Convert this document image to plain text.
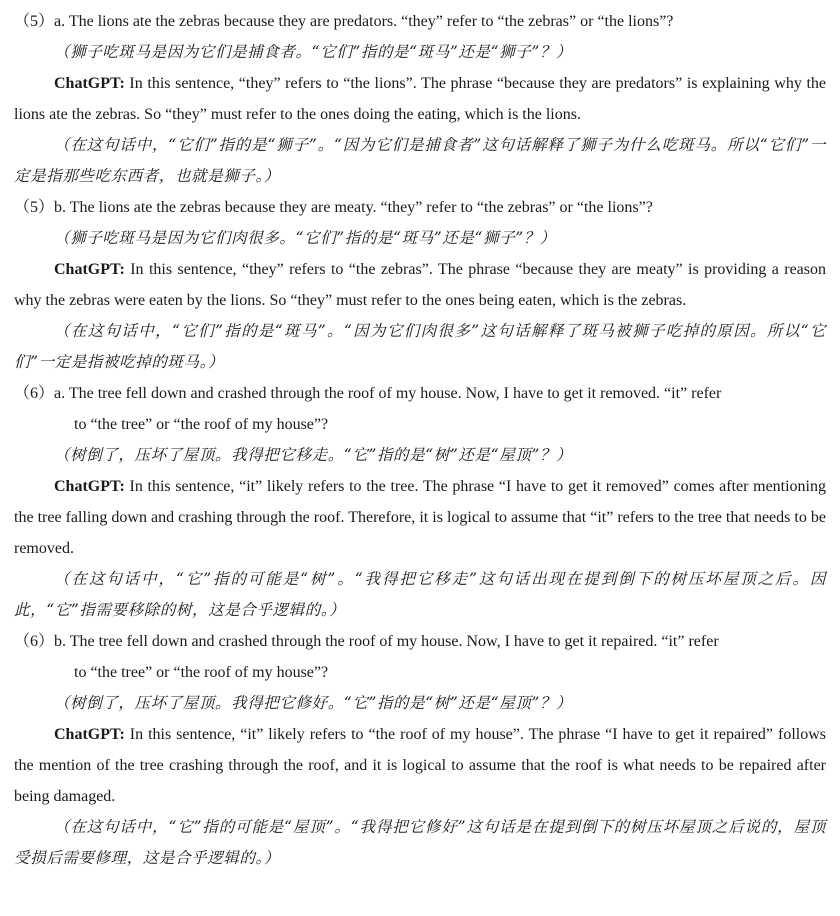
（5）a. The lions ate the zebras because they are predators. “they” refer to “the zebras” or “the lions”?
（狮子吃斑马是因为它们是捕食者。“它们”指的是“斑马”还是“狮子”？）
ChatGPT: In this sentence, “they” refers to “the lions”. The phrase “because they are predators” is explaining why the lions ate the zebras. So “they” must refer to the ones doing the eating, which is the lions.
（在这句话中，“它们”指的是“狮子”。“因为它们是捕食者”这句话解释了狮子为什么吃斑马。所以“它们”一定是指那些吃东西者，也就是狮子。）
（5）b. The lions ate the zebras because they are meaty. “they” refer to “the zebras” or “the lions”?
（狮子吃斑马是因为它们肉很多。“它们”指的是“斑马”还是“狮子”？）
ChatGPT: In this sentence, “they” refers to “the zebras”. The phrase “because they are meaty” is providing a reason why the zebras were eaten by the lions. So “they” must refer to the ones being eaten, which is the zebras.
（在这句话中，“它们”指的是“斑马”。“因为它们肉很多”这句话解释了斑马被狮子吃掉的原因。所以“它们”一定是指被吃掉的斑马。）
（6）a. The tree fell down and crashed through the roof of my house. Now, I have to get it removed. “it” refer
to “the tree” or “the roof of my house”?
（树倒了，压坏了屋顶。我得把它移走。“它”指的是“树”还是“屋顶”？）
ChatGPT: In this sentence, “it” likely refers to the tree. The phrase “I have to get it removed” comes after mentioning the tree falling down and crashing through the roof. Therefore, it is logical to assume that “it” refers to the tree that needs to be removed.
（在这句话中，“它”指的可能是“树”。“我得把它移走”这句话出现在提到倒下的树压坏屋顶之后。因此，“它”指需要移除的树，这是合乎逻辑的。）
（6）b. The tree fell down and crashed through the roof of my house. Now, I have to get it repaired. “it” refer
to “the tree” or “the roof of my house”?
（树倒了，压坏了屋顶。我得把它修好。“它”指的是“树”还是“屋顶”？）
ChatGPT: In this sentence, “it” likely refers to “the roof of my house”. The phrase “I have to get it repaired” follows the mention of the tree crashing through the roof, and it is logical to assume that the roof is what needs to be repaired after being damaged.
（在这句话中，“它”指的可能是“屋顶”。“我得把它修好”这句话是在提到倒下的树压坏屋顶之后说的，屋顶受损后需要修理，这是合乎逻辑的。）
